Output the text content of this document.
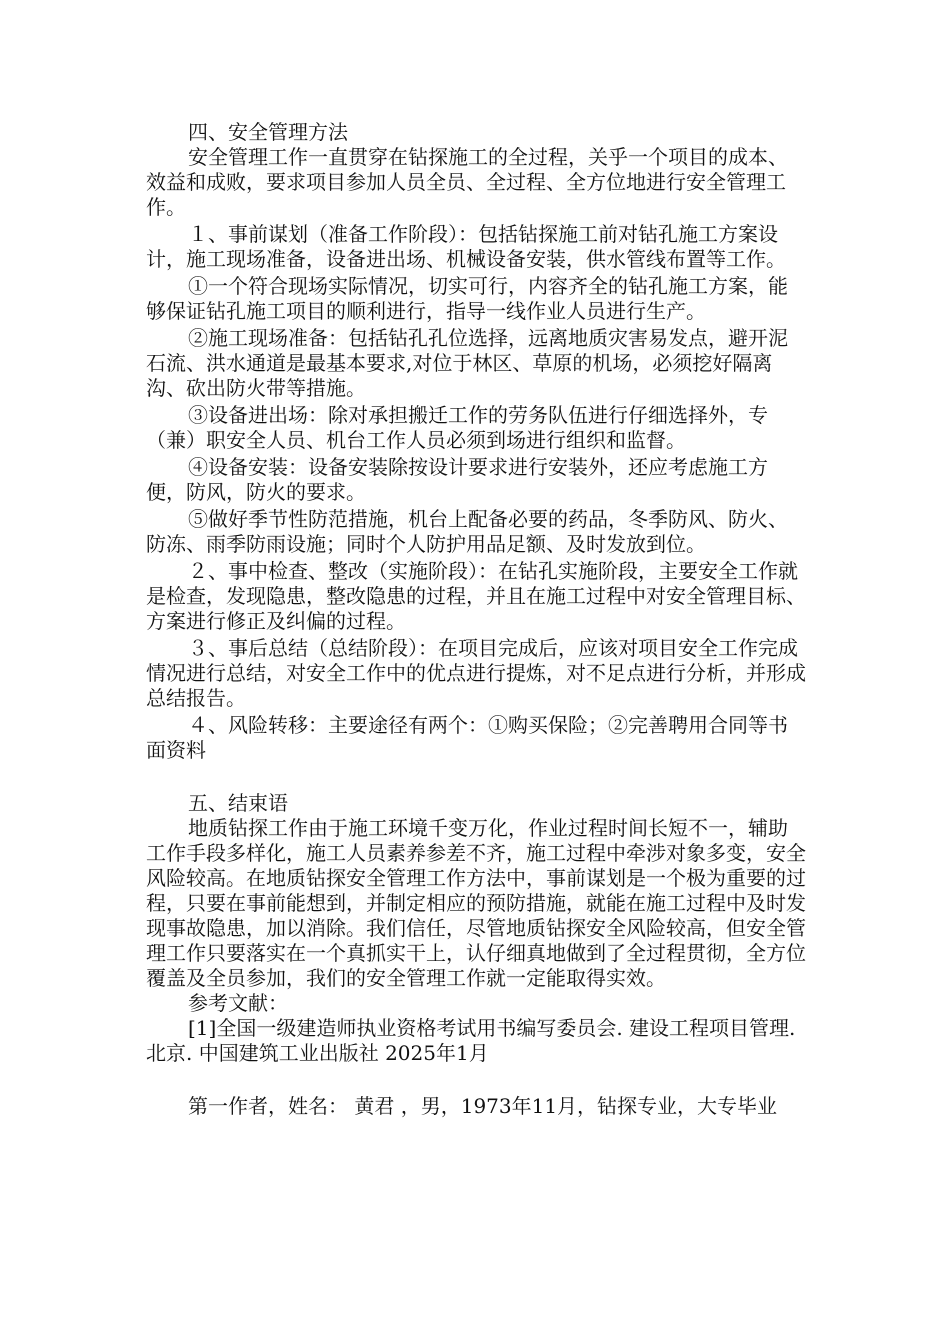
四、安全管理方法

安全管理工作一直贯穿在钻探施工的全过程，关乎一个项目的成本、效益和成败，要求项目参加人员全员、全过程、全方位地进行安全管理工作。

１、事前谋划（准备工作阶段）：包括钻探施工前对钻孔施工方案设计，施工现场准备，设备进出场、机械设备安装，供水管线布置等工作。

①一个符合现场实际情况，切实可行，内容齐全的钻孔施工方案，能够保证钻孔施工项目的顺利进行，指导一线作业人员进行生产。

②施工现场准备：包括钻孔孔位选择，远离地质灾害易发点，避开泥石流、洪水通道是最基本要求,对位于林区、草原的机场，必须挖好隔离沟、砍出防火带等措施。

③设备进出场：除对承担搬迁工作的劳务队伍进行仔细选择外，专（兼）职安全人员、机台工作人员必须到场进行组织和监督。

④设备安装：设备安装除按设计要求进行安装外，还应考虑施工方便，防风，防火的要求。

⑤做好季节性防范措施，机台上配备必要的药品，冬季防风、防火、防冻、雨季防雨设施；同时个人防护用品足额、及时发放到位。

２、事中检查、整改（实施阶段）：在钻孔实施阶段，主要安全工作就是检查，发现隐患，整改隐患的过程，并且在施工过程中对安全管理目标、方案进行修正及纠偏的过程。

３、事后总结（总结阶段）：在项目完成后，应该对项目安全工作完成情况进行总结，对安全工作中的优点进行提炼，对不足点进行分析，并形成总结报告。

４、风险转移：主要途径有两个：①购买保险；②完善聘用合同等书面资料

五、结束语

地质钻探工作由于施工环境千变万化，作业过程时间长短不一，辅助工作手段多样化，施工人员素养参差不齐，施工过程中牵涉对象多变，安全风险较高。在地质钻探安全管理工作方法中，事前谋划是一个极为重要的过程，只要在事前能想到，并制定相应的预防措施，就能在施工过程中及时发现事故隐患，加以消除。我们信任，尽管地质钻探安全风险较高，但安全管理工作只要落实在一个真抓实干上，认仔细真地做到了全过程贯彻，全方位覆盖及全员参加，我们的安全管理工作就一定能取得实效。

参考文献：

[1]全国一级建造师执业资格考试用书编写委员会. 建设工程项目管理. 北京. 中国建筑工业出版社 2025年1月

第一作者，姓名： 黄君 ，男，1973年11月，钻探专业，大专毕业
